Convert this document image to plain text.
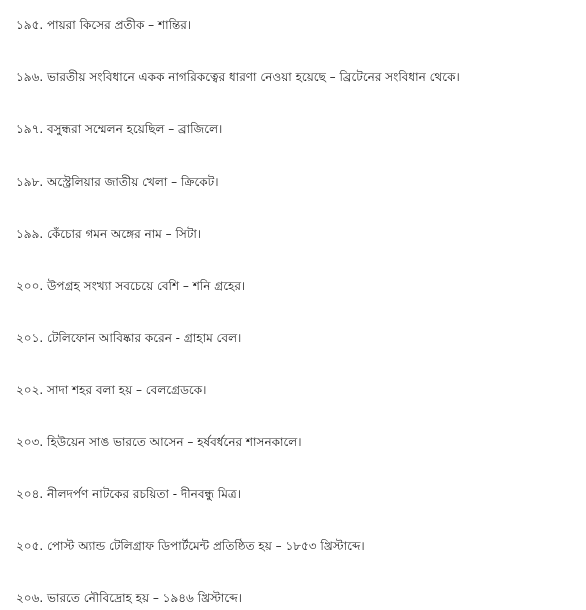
১৯৫. পায়রা কিসের প্রতীক – শান্তির।
১৯৬. ভারতীয় সংবিধানে একক নাগরিকত্বের ধারণা নেওয়া হয়েছে – ব্রিটেনের সংবিধান থেকে।
১৯৭. বসুন্ধরা সম্মেলন হয়েছিল – ব্রাজিলে।
১৯৮. অস্ট্রেলিয়ার জাতীয় খেলা – ক্রিকেট।
১৯৯. কেঁচোর গমন অঙ্গের নাম – সিটা।
২০০. উপগ্রহ সংখ্যা সবচেয়ে বেশি – শনি গ্রহের।
২০১. টেলিফোন আবিষ্কার করেন - গ্রাহাম বেল।
২০২. সাদা শহর বলা হয় – বেলগ্রেডকে।
২০৩. হিউয়েন সাঙ ভারতে আসেন – হর্ষবর্ধনের শাসনকালে।
২০৪. নীলদর্পণ নাটকের রচয়িতা - দীনবন্ধু মিত্র।
২০৫. পোস্ট অ্যান্ড টেলিগ্রাফ ডিপার্টমেন্ট প্রতিষ্ঠিত হয় – ১৮৫৩ খ্রিস্টাব্দে।
২০৬. ভারতে নৌবিদ্রোহ হয় – ১৯৪৬ খ্রিস্টাব্দে।
